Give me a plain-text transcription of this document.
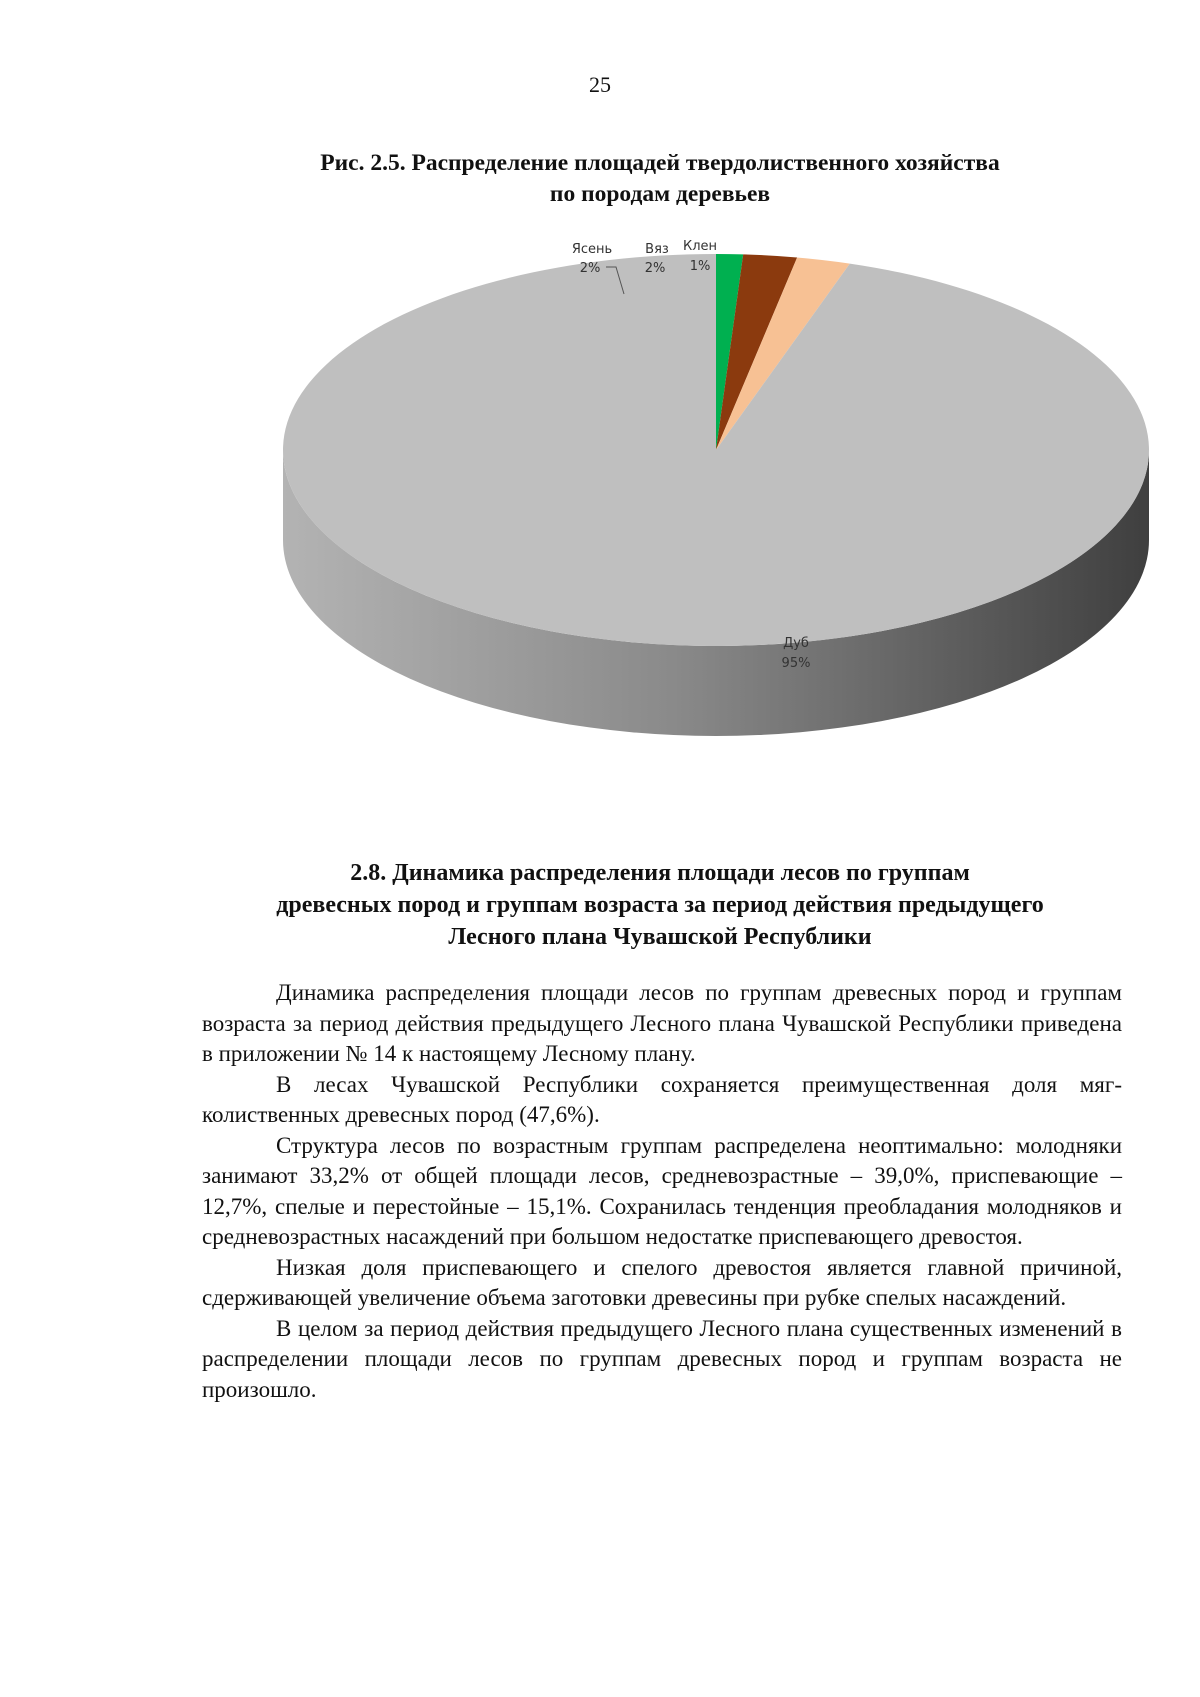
25
Рис. 2.5. Распределение площадей твердолиственного хозяйства
по породам деревьев
Ясень
2%
Вяз
2%
Клен
1%
Дуб
95%
2.8. Динамика распределения площади лесов по группам
древесных пород и группам возраста за период действия предыдущего
Лесного плана Чувашской Республики

Динамика распределения площади лесов по группам древесных пород и группам возраста за период действия предыдущего Лесного плана Чувашской Республики приведена в приложении № 14 к настоящему Лесному плану.

В лесах Чувашской Республики сохраняется преимущественная доля мягколиственных древесных пород (47,6%).

Структура лесов по возрастным группам распределена неоптимально: молодняки занимают 33,2% от общей площади лесов, средневозрастные – 39,0%, приспевающие – 12,7%, спелые и перестойные – 15,1%. Сохранилась тенденция преобладания молодняков и средневозрастных насаждений при большом недостатке приспевающего древостоя.

Низкая доля приспевающего и спелого древостоя является главной причиной, сдерживающей увеличение объема заготовки древесины при рубке спелых насаждений.

В целом за период действия предыдущего Лесного плана существенных изменений в распределении площади лесов по группам древесных пород и группам возраста не произошло.
